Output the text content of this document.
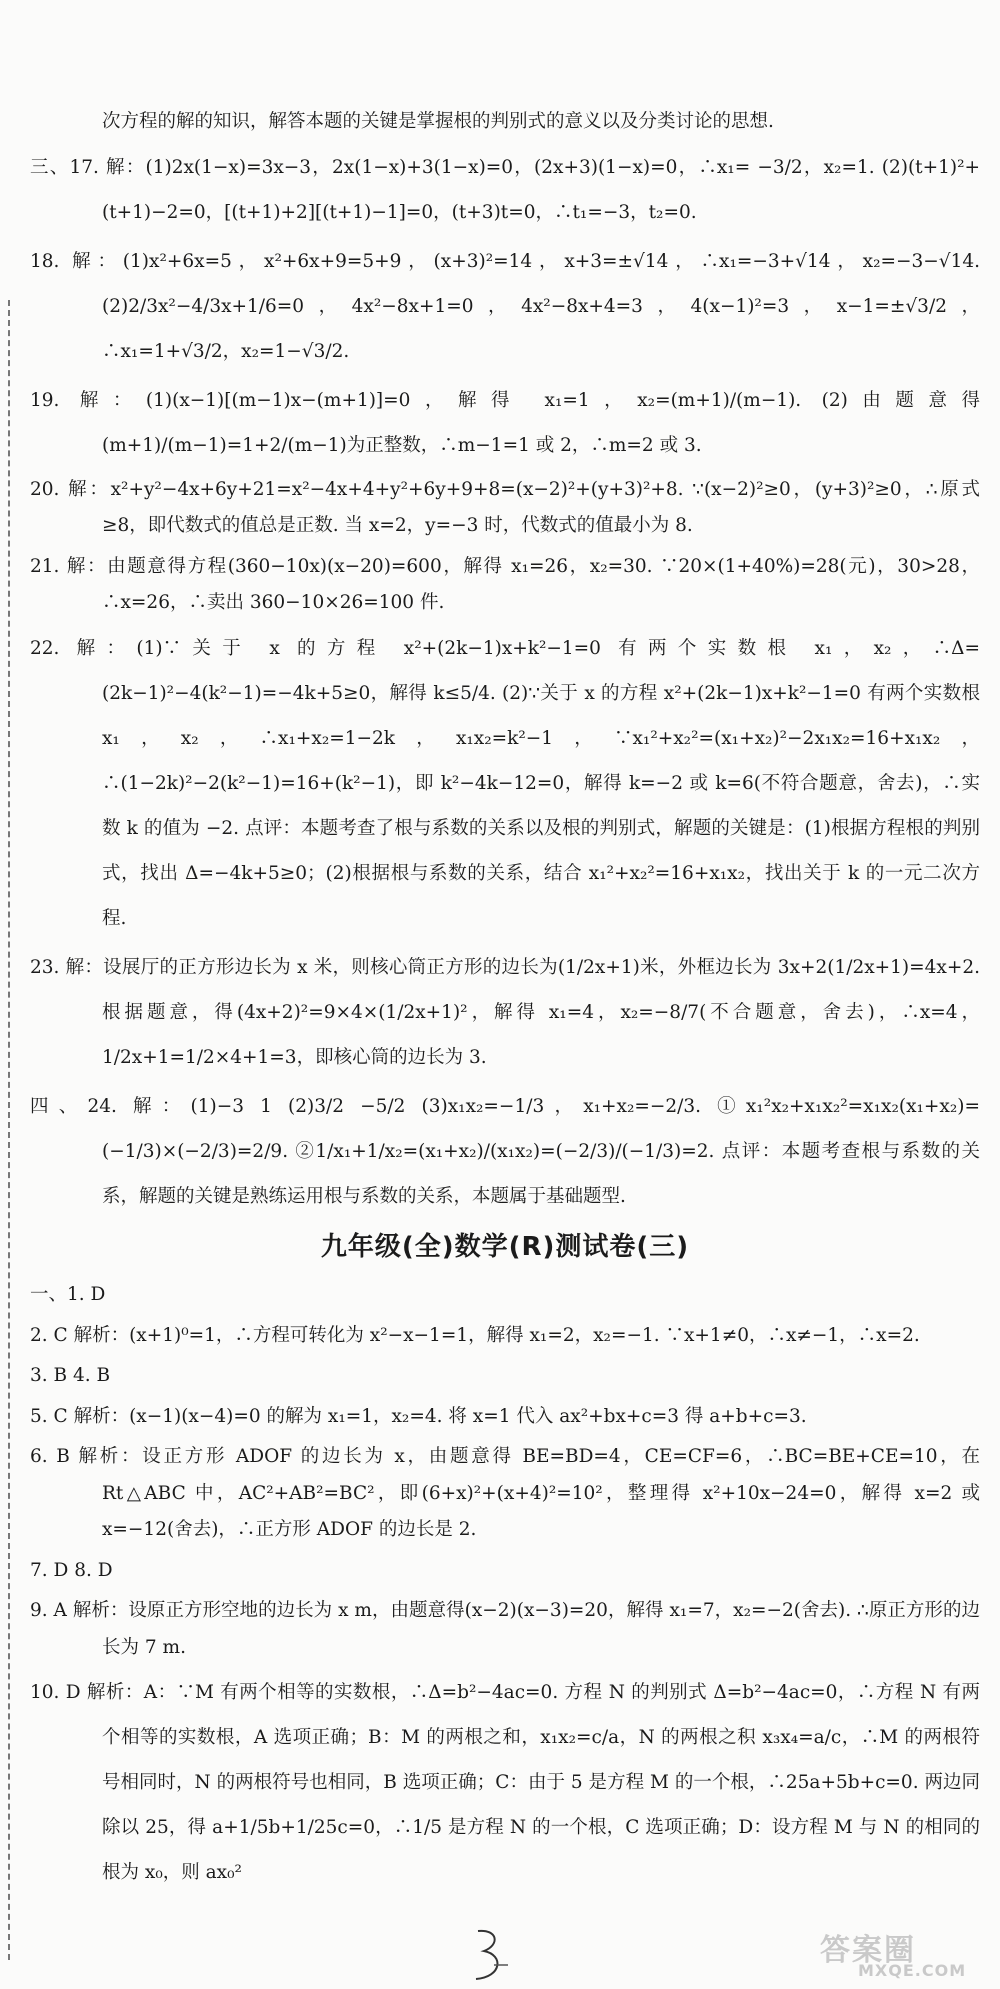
次方程的解的知识，解答本题的关键是掌握根的判别式的意义以及分类讨论的思想.

三、17. 解：(1)2x(1−x)=3x−3，2x(1−x)+3(1−x)=0，(2x+3)(1−x)=0，∴x₁= −3/2，x₂=1. (2)(t+1)²+(t+1)−2=0，[(t+1)+2][(t+1)−1]=0，(t+3)t=0，∴t₁=−3，t₂=0.

18. 解：(1)x²+6x=5，x²+6x+9=5+9，(x+3)²=14，x+3=±√14，∴x₁=−3+√14，x₂=−3−√14. (2)2/3x²−4/3x+1/6=0，4x²−8x+1=0，4x²−8x+4=3，4(x−1)²=3，x−1=±√3/2，∴x₁=1+√3/2，x₂=1−√3/2.

19. 解：(1)(x−1)[(m−1)x−(m+1)]=0，解得 x₁=1，x₂=(m+1)/(m−1). (2)由题意得(m+1)/(m−1)=1+2/(m−1)为正整数，∴m−1=1 或 2，∴m=2 或 3.

20. 解：x²+y²−4x+6y+21=x²−4x+4+y²+6y+9+8=(x−2)²+(y+3)²+8. ∵(x−2)²≥0，(y+3)²≥0，∴原式≥8，即代数式的值总是正数. 当 x=2，y=−3 时，代数式的值最小为 8.

21. 解：由题意得方程(360−10x)(x−20)=600，解得 x₁=26，x₂=30. ∵20×(1+40%)=28(元)，30>28，∴x=26，∴卖出 360−10×26=100 件.

22. 解：(1)∵关于 x 的方程 x²+(2k−1)x+k²−1=0 有两个实数根 x₁，x₂，∴Δ=(2k−1)²−4(k²−1)=−4k+5≥0，解得 k≤5/4. (2)∵关于 x 的方程 x²+(2k−1)x+k²−1=0 有两个实数根 x₁，x₂，∴x₁+x₂=1−2k，x₁x₂=k²−1，∵x₁²+x₂²=(x₁+x₂)²−2x₁x₂=16+x₁x₂，∴(1−2k)²−2(k²−1)=16+(k²−1)，即 k²−4k−12=0，解得 k=−2 或 k=6(不符合题意，舍去)，∴实数 k 的值为 −2. 点评：本题考查了根与系数的关系以及根的判别式，解题的关键是：(1)根据方程根的判别式，找出 Δ=−4k+5≥0；(2)根据根与系数的关系，结合 x₁²+x₂²=16+x₁x₂，找出关于 k 的一元二次方程.

23. 解：设展厅的正方形边长为 x 米，则核心筒正方形的边长为(1/2x+1)米，外框边长为 3x+2(1/2x+1)=4x+2. 根据题意，得(4x+2)²=9×4×(1/2x+1)²，解得 x₁=4，x₂=−8/7(不合题意，舍去)，∴x=4，1/2x+1=1/2×4+1=3，即核心筒的边长为 3.

四、24. 解：(1)−3 1 (2)3/2 −5/2 (3)x₁x₂=−1/3，x₁+x₂=−2/3. ①x₁²x₂+x₁x₂²=x₁x₂(x₁+x₂)=(−1/3)×(−2/3)=2/9. ②1/x₁+1/x₂=(x₁+x₂)/(x₁x₂)=(−2/3)/(−1/3)=2. 点评：本题考查根与系数的关系，解题的关键是熟练运用根与系数的关系，本题属于基础题型.

九年级(全)数学(R)测试卷(三)

一、1. D

2. C 解析：(x+1)⁰=1，∴方程可转化为 x²−x−1=1，解得 x₁=2，x₂=−1. ∵x+1≠0，∴x≠−1，∴x=2.

3. B 4. B

5. C 解析：(x−1)(x−4)=0 的解为 x₁=1，x₂=4. 将 x=1 代入 ax²+bx+c=3 得 a+b+c=3.

6. B 解析：设正方形 ADOF 的边长为 x，由题意得 BE=BD=4，CE=CF=6，∴BC=BE+CE=10，在 Rt△ABC 中，AC²+AB²=BC²，即(6+x)²+(x+4)²=10²，整理得 x²+10x−24=0，解得 x=2 或 x=−12(舍去)，∴正方形 ADOF 的边长是 2.

7. D 8. D

9. A 解析：设原正方形空地的边长为 x m，由题意得(x−2)(x−3)=20，解得 x₁=7，x₂=−2(舍去). ∴原正方形的边长为 7 m.

10. D 解析：A：∵M 有两个相等的实数根，∴Δ=b²−4ac=0. 方程 N 的判别式 Δ=b²−4ac=0，∴方程 N 有两个相等的实数根，A 选项正确；B：M 的两根之和，x₁x₂=c/a，N 的两根之积 x₃x₄=a/c，∴M 的两根符号相同时，N 的两根符号也相同，B 选项正确；C：由于 5 是方程 M 的一个根，∴25a+5b+c=0. 两边同除以 25，得 a+1/5b+1/25c=0，∴1/5 是方程 N 的一个根，C 选项正确；D：设方程 M 与 N 的相同的根为 x₀，则 ax₀²

答案圈
MXQE.COM
